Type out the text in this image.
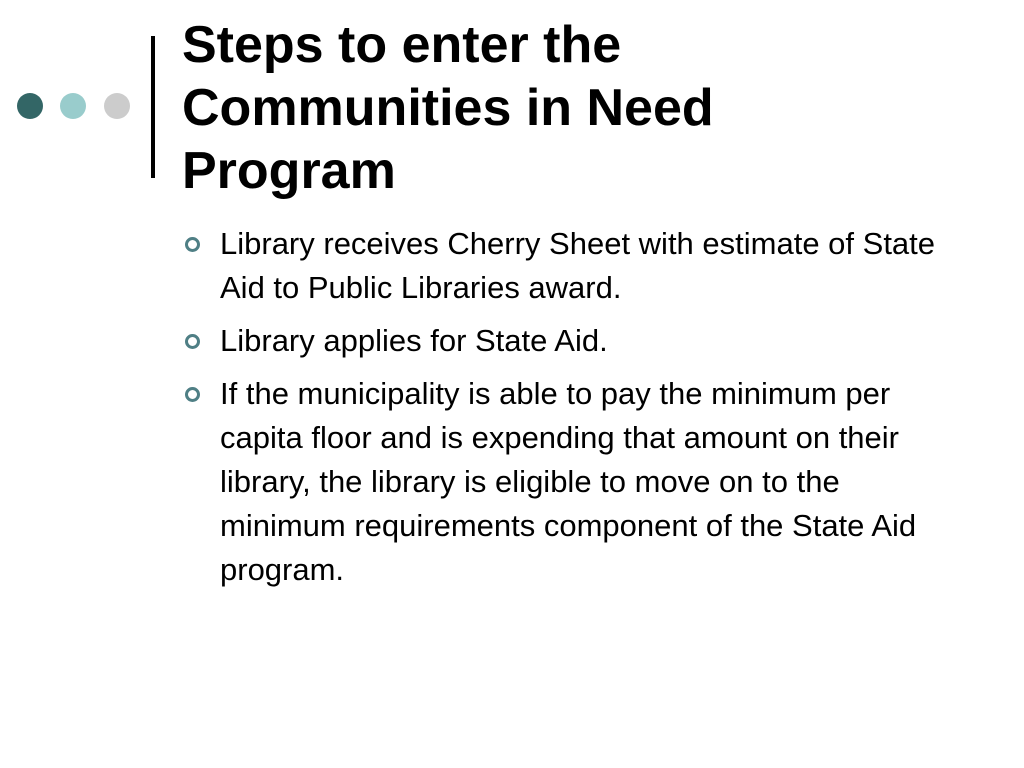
Steps to enter the Communities in Need Program
Library receives Cherry Sheet with estimate of State Aid to Public Libraries award.
Library applies for State Aid.
If the municipality is able to pay the minimum per capita floor and is expending that amount on their library, the library is eligible to move on to the minimum requirements component of the State Aid program.
